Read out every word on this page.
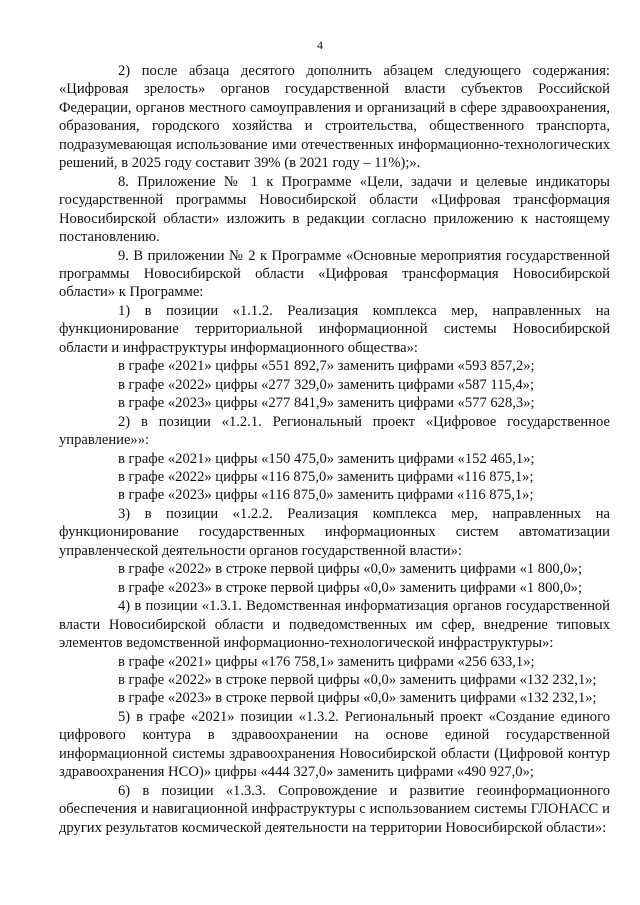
4

2) после абзаца десятого дополнить абзацем следующего содержания: «Цифровая зрелость» органов государственной власти субъектов Российской Федерации, органов местного самоуправления и организаций в сфере здравоохранения, образования, городского хозяйства и строительства, общественного транспорта, подразумевающая использование ими отечественных информационно-технологических решений, в 2025 году составит 39% (в 2021 году – 11%);».

8. Приложение № 1 к Программе «Цели, задачи и целевые индикаторы государственной программы Новосибирской области «Цифровая трансформация Новосибирской области» изложить в редакции согласно приложению к настоящему постановлению.

9. В приложении № 2 к Программе «Основные мероприятия государственной программы Новосибирской области «Цифровая трансформация Новосибирской области» к Программе:

1) в позиции «1.1.2. Реализация комплекса мер, направленных на функционирование территориальной информационной системы Новосибирской области и инфраструктуры информационного общества»:

в графе «2021» цифры «551 892,7» заменить цифрами «593 857,2»;

в графе «2022» цифры «277 329,0» заменить цифрами «587 115,4»;

в графе «2023» цифры «277 841,9» заменить цифрами «577 628,3»;

2) в позиции «1.2.1. Региональный проект «Цифровое государственное управление»»:

в графе «2021» цифры «150 475,0» заменить цифрами «152 465,1»;

в графе «2022» цифры «116 875,0» заменить цифрами «116 875,1»;

в графе «2023» цифры «116 875,0» заменить цифрами «116 875,1»;

3) в позиции «1.2.2. Реализация комплекса мер, направленных на функционирование государственных информационных систем автоматизации управленческой деятельности органов государственной власти»:

в графе «2022» в строке первой цифры «0,0» заменить цифрами «1 800,0»;

в графе «2023» в строке первой цифры «0,0» заменить цифрами «1 800,0»;

4) в позиции «1.3.1. Ведомственная информатизация органов государственной власти Новосибирской области и подведомственных им сфер, внедрение типовых элементов ведомственной информационно-технологической инфраструктуры»:

в графе «2021» цифры «176 758,1» заменить цифрами «256 633,1»;

в графе «2022» в строке первой цифры «0,0» заменить цифрами «132 232,1»;

в графе «2023» в строке первой цифры «0,0» заменить цифрами «132 232,1»;

5) в графе «2021» позиции «1.3.2. Региональный проект «Создание единого цифрового контура в здравоохранении на основе единой государственной информационной системы здравоохранения Новосибирской области (Цифровой контур здравоохранения НСО)» цифры «444 327,0» заменить цифрами «490 927,0»;

6) в позиции «1.3.3. Сопровождение и развитие геоинформационного обеспечения и навигационной инфраструктуры с использованием системы ГЛОНАСС и других результатов космической деятельности на территории Новосибирской области»:
